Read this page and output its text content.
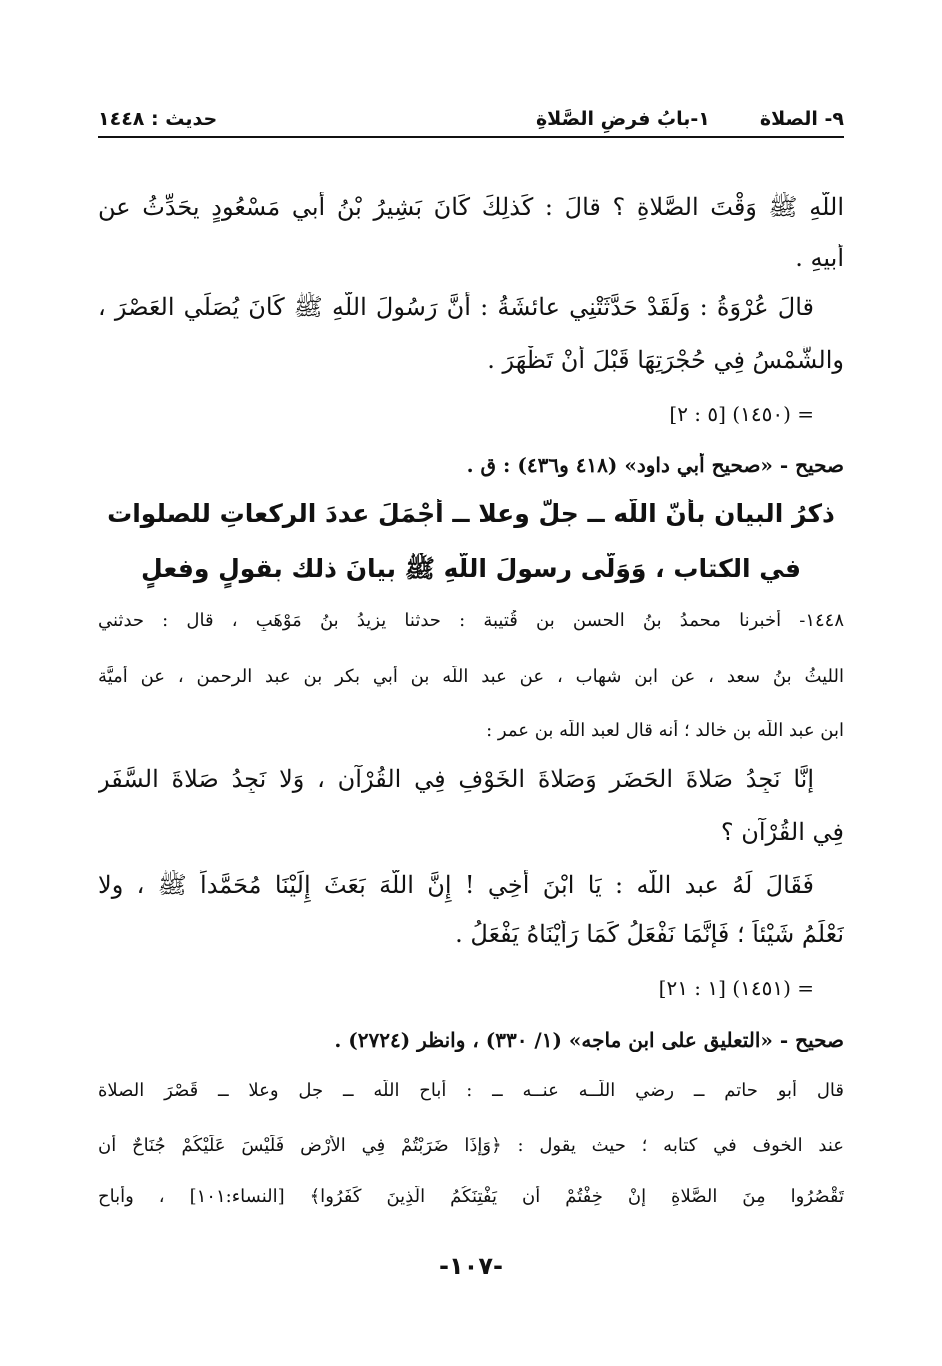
٩- الصلاة
١-بابُ فرضِ الصَّلاةِ
حديث : ١٤٤٨
اللَّهِ ﷺ وَقْتَ الصَّلاةِ ؟ قالَ : كَذلِكَ كَانَ بَشِيرُ بْنُ أَبي مَسْعُودٍ يحَدِّثُ عن
أَبيهِ .
قالَ عُرْوَةُ : وَلَقَدْ حَدَّثَتْنِي عائشَةُ : أَنَّ رَسُولَ اللَّهِ ﷺ كَانَ يُصَلِّي العَصْرَ ،
والشَّمْسُ فِي حُجْرَتِهَا قَبْلَ أَنْ تَظْهَرَ .
= (١٤٥٠) [٥ : ٢]
صحيح - «صحيح أبي داود» (٤١٨ و٤٣٦) : ق .
ذكرُ البيان بأنّ اللَّه ــ جلَّ وعلا ــ أجْمَلَ عددَ الركعاتِ للصلوات
في الكتاب ، وَوَلّى رسولَ اللَّهِ ﷺ بيانَ ذلك بقولٍ وفعلٍ
١٤٤٨- أخبرنا محمدُ بنُ الحسن بن قُتيبة : حدثنا يزيدُ بنُ مَوْهَبٍ ، قال : حدثني
الليثُ بنُ سعد ، عن ابن شهاب ، عن عبد اللَّه بن أبي بكر بن عبد الرحمن ، عن أميَّة
ابن عبد اللَّه بن خالد ؛ أنه قال لعبد اللَّه بن عمر :
إِنَّا نَجِدُ صَلاةَ الحَضَرِ وَصَلاةَ الخَوْفِ فِي القُرْآنِ ، وَلا نَجِدُ صَلاةَ السَّفَرِ
فِي القُرْآنِ ؟
فَقَالَ لَهُ عبد اللَّه : يَا ابْنَ أَخِي ! إِنَّ اللَّهَ بَعَثَ إِلَيْنَا مُحَمَّداً ﷺ ، ولا
نَعْلَمُ شَيْئاً ؛ فَإِنَّمَا نَفْعَلُ كَمَا رَأَيْنَاهُ يَفْعَلُ .
= (١٤٥١) [١ : ٢١]
صحيح - «التعليق على ابن ماجه» (١/ ٣٣٠) ، وانظر (٢٧٢٤) .
قال أبو حاتم ــ رضي اللَّــه عنــه ــ : أباح اللَّه ــ جل وعلا ــ قَصْرَ الصلاة
عند الخوف في كتابه ؛ حيث يقول : ﴿وَإِذَا ضَرَبْتُمْ فِي الأَرْضِ فَلَيْسَ عَلَيْكُمْ جُنَاحٌ أَن
تَقْصُرُوا مِنَ الصَّلاةِ إِنْ خِفْتُمْ أَن يَفْتِنَكُمُ الَّذِينَ كَفَرُوا﴾ [النساء:١٠١] ، وأباح
-١٠٧-
